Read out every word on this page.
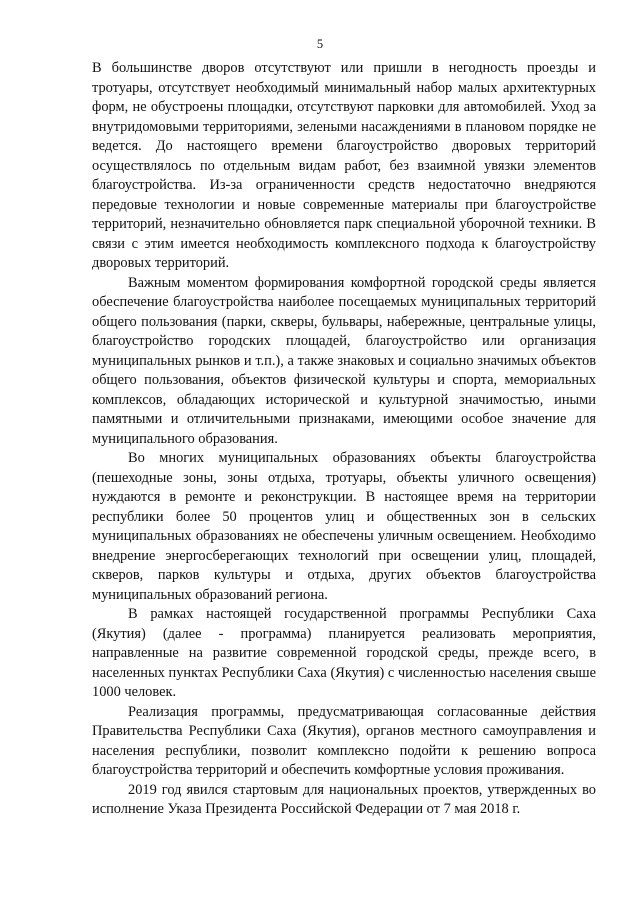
5

В большинстве дворов отсутствуют или пришли в негодность проезды и тротуары, отсутствует необходимый минимальный набор малых архитектурных форм, не обустроены площадки, отсутствуют парковки для автомобилей. Уход за внутридомовыми территориями, зелеными насаждениями в плановом порядке не ведется. До настоящего времени благоустройство дворовых территорий осуществлялось по отдельным видам работ, без взаимной увязки элементов благоустройства. Из-за ограниченности средств недостаточно внедряются передовые технологии и новые современные материалы при благоустройстве территорий, незначительно обновляется парк специальной уборочной техники. В связи с этим имеется необходимость комплексного подхода к благоустройству дворовых территорий.

Важным моментом формирования комфортной городской среды является обеспечение благоустройства наиболее посещаемых муниципальных территорий общего пользования (парки, скверы, бульвары, набережные, центральные улицы, благоустройство городских площадей, благоустройство или организация муниципальных рынков и т.п.), а также знаковых и социально значимых объектов общего пользования, объектов физической культуры и спорта, мемориальных комплексов, обладающих исторической и культурной значимостью, иными памятными и отличительными признаками, имеющими особое значение для муниципального образования.

Во многих муниципальных образованиях объекты благоустройства (пешеходные зоны, зоны отдыха, тротуары, объекты уличного освещения) нуждаются в ремонте и реконструкции. В настоящее время на территории республики более 50 процентов улиц и общественных зон в сельских муниципальных образованиях не обеспечены уличным освещением. Необходимо внедрение энергосберегающих технологий при освещении улиц, площадей, скверов, парков культуры и отдыха, других объектов благоустройства муниципальных образований региона.

В рамках настоящей государственной программы Республики Саха (Якутия) (далее - программа) планируется реализовать мероприятия, направленные на развитие современной городской среды, прежде всего, в населенных пунктах Республики Саха (Якутия) с численностью населения свыше 1000 человек.

Реализация программы, предусматривающая согласованные действия Правительства Республики Саха (Якутия), органов местного самоуправления и населения республики, позволит комплексно подойти к решению вопроса благоустройства территорий и обеспечить комфортные условия проживания.

2019 год явился стартовым для национальных проектов, утвержденных во исполнение Указа Президента Российской Федерации от 7 мая 2018 г.
